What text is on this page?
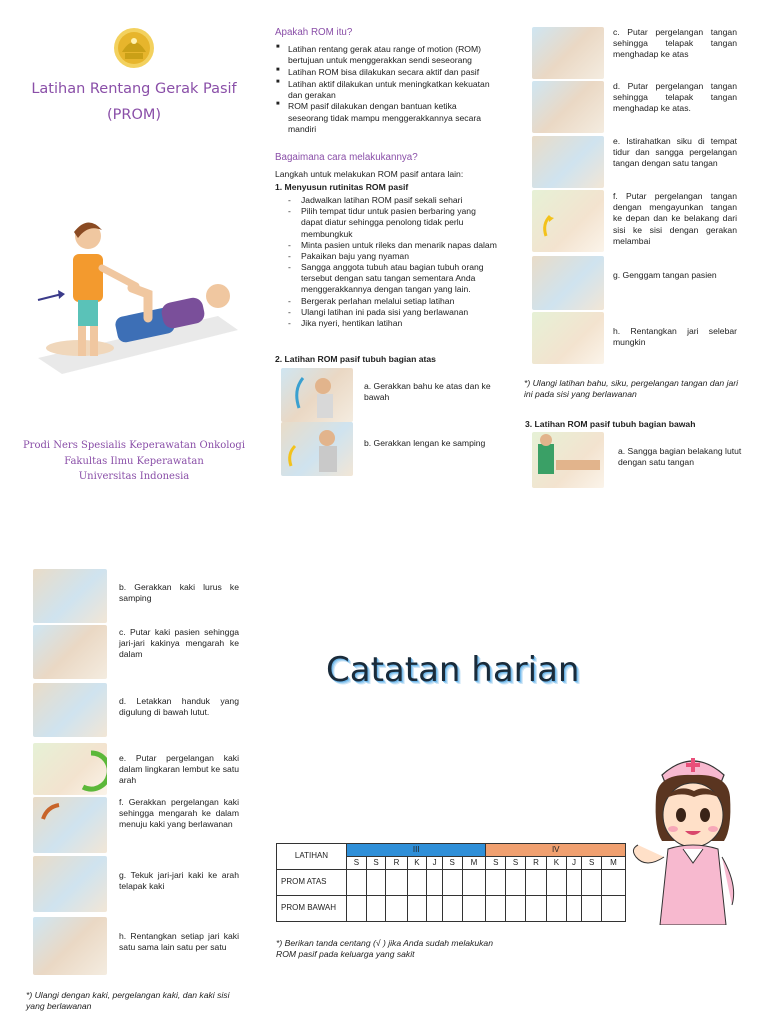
Latihan Rentang Gerak Pasif
(PROM)
Prodi Ners Spesialis Keperawatan Onkologi
Fakultas Ilmu Keperawatan
Universitas Indonesia
Apakah ROM itu?
■ Latihan rentang gerak atau range of motion (ROM) bertujuan untuk menggerakkan sendi seseorang
■ Latihan ROM bisa dilakukan secara aktif dan pasif
■ Latihan aktif dilakukan untuk meningkatkan kekuatan dan gerakan
■ ROM pasif dilakukan dengan bantuan ketika seseorang tidak mampu menggerakkannya secara mandiri
Bagaimana cara melakukannya?
Langkah untuk melakukan ROM pasif antara lain:
1. Menyusun rutinitas ROM pasif
- Jadwalkan latihan ROM pasif sekali sehari
- Pilih tempat tidur untuk pasien berbaring yang dapat diatur sehingga penolong tidak perlu membungkuk
- Minta pasien untuk rileks dan menarik napas dalam
- Pakaikan baju yang nyaman
- Sangga anggota tubuh atau bagian tubuh orang tersebut dengan satu tangan sementara Anda menggerakkannya dengan tangan yang lain.
- Bergerak perlahan melalui setiap latihan
- Ulangi latihan ini pada sisi yang berlawanan
- Jika nyeri, hentikan latihan
2. Latihan ROM pasif tubuh bagian atas
a. Gerakkan bahu ke atas dan ke bawah
b. Gerakkan lengan ke samping
c. Putar pergelangan tangan sehingga telapak tangan menghadap ke atas
d. Putar pergelangan tangan sehingga telapak tangan menghadap ke atas.
e. Istirahatkan siku di tempat tidur dan sangga pergelangan tangan dengan satu tangan
f. Putar pergelangan tangan dengan mengayunkan tangan ke depan dan ke belakang dari sisi ke sisi dengan gerakan melambai
g. Genggam tangan pasien
h. Rentangkan jari selebar mungkin
*) Ulangi latihan bahu, siku, pergelangan tangan dan jari ini pada sisi yang berlawanan
3. Latihan ROM pasif tubuh bagian bawah
a. Sangga bagian belakang lutut dengan satu tangan
b. Gerakkan kaki lurus ke samping
c. Putar kaki pasien sehingga jari-jari kakinya mengarah ke dalam
d. Letakkan handuk yang digulung di bawah lutut.
e. Putar pergelangan kaki dalam lingkaran lembut ke satu arah
f. Gerakkan pergelangan kaki sehingga mengarah ke dalam menuju kaki yang berlawanan
g. Tekuk jari-jari kaki ke arah telapak kaki
h. Rentangkan setiap jari kaki satu sama lain satu per satu
*) Ulangi dengan kaki, pergelangan kaki, dan kaki sisi yang berlawanan
Catatan harian
LATIHAN	III							IV						
	S	S	R	K	J	S	M	S	S	R	K	J	S	M
PROM ATAS														
PROM BAWAH														
*) Berikan tanda centang (√ ) jika Anda sudah melakukan ROM pasif pada keluarga yang sakit
